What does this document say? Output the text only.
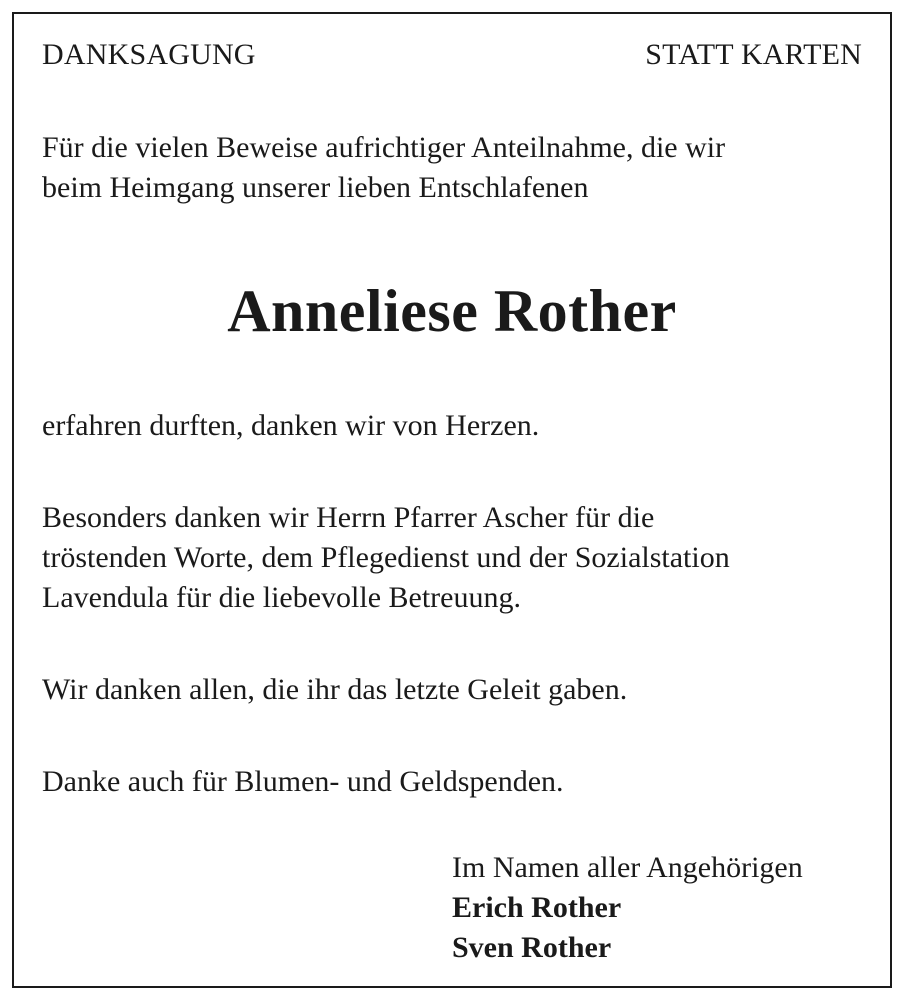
DANKSAGUNG	STATT KARTEN

Für die vielen Beweise aufrichtiger Anteilnahme, die wir
beim Heimgang unserer lieben Entschlafenen

Anneliese Rother

erfahren durften, danken wir von Herzen.

Besonders danken wir Herrn Pfarrer Ascher für die
tröstenden Worte, dem Pflegedienst und der Sozialstation
Lavendula für die liebevolle Betreuung.

Wir danken allen, die ihr das letzte Geleit gaben.

Danke auch für Blumen- und Geldspenden.

Im Namen aller Angehörigen
Erich Rother
Sven Rother
